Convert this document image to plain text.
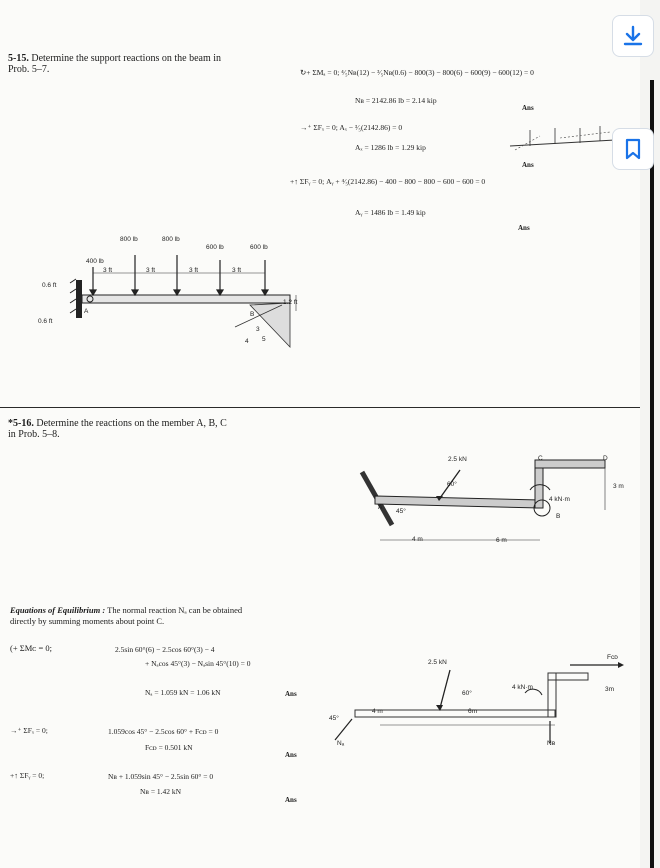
5-15. Determine the support reactions on the beam in
Prob. 5–7.	↻+ ΣMₐ = 0; ⁴⁄₅Nʙ(12) − ³⁄₅Nʙ(0.6) − 800(3) − 800(6) − 600(9) − 600(12) = 0
Nʙ = 2142.86 lb = 2.14 kip
Ans
→⁺ ΣFₓ = 0; Aₓ − ³⁄₅(2142.86) = 0
Aₓ = 1286 lb = 1.29 kip
Ans
+↑ ΣFᵧ = 0; Aᵧ + ⁴⁄₅(2142.86) − 400 − 800 − 800 − 600 − 600 = 0
Aᵧ = 1486 lb = 1.49 kip
Ans
400 lb
800 lb	800 lb
600 lb	600 lb
3 ft	3 ft	3 ft	3 ft
0.6 ft
0.6 ft
1.2 ft
A	B
3
4 5
*5-16. Determine the reactions on the member A, B, C
in Prob. 5–8.
2.5 kN
60°
45°
4 kN·m
4 m	6 m
3 m
A
B
C	D
Equations of Equilibrium : The normal reaction Nₐ can be obtained
directly by summing moments about point C.
(+ ΣMᴄ = 0;	2.5sin 60°(6) − 2.5cos 60°(3) − 4
+ Nₐcos 45°(3) − Nₐsin 45°(10) = 0
Nₐ = 1.059 kN = 1.06 kN	Ans
→⁺ ΣFₓ = 0;	1.059cos 45° − 2.5cos 60° + Fᴄᴅ = 0
Fᴄᴅ = 0.501 kN
Ans
+↑ ΣFᵧ = 0;	Nʙ + 1.059sin 45° − 2.5sin 60° = 0
Nʙ = 1.42 kN
Ans
2.5 kN
60°
4 kN·m
Fᴄᴅ
3m
45°
4 m	6m
Nₐ	Nʙ
